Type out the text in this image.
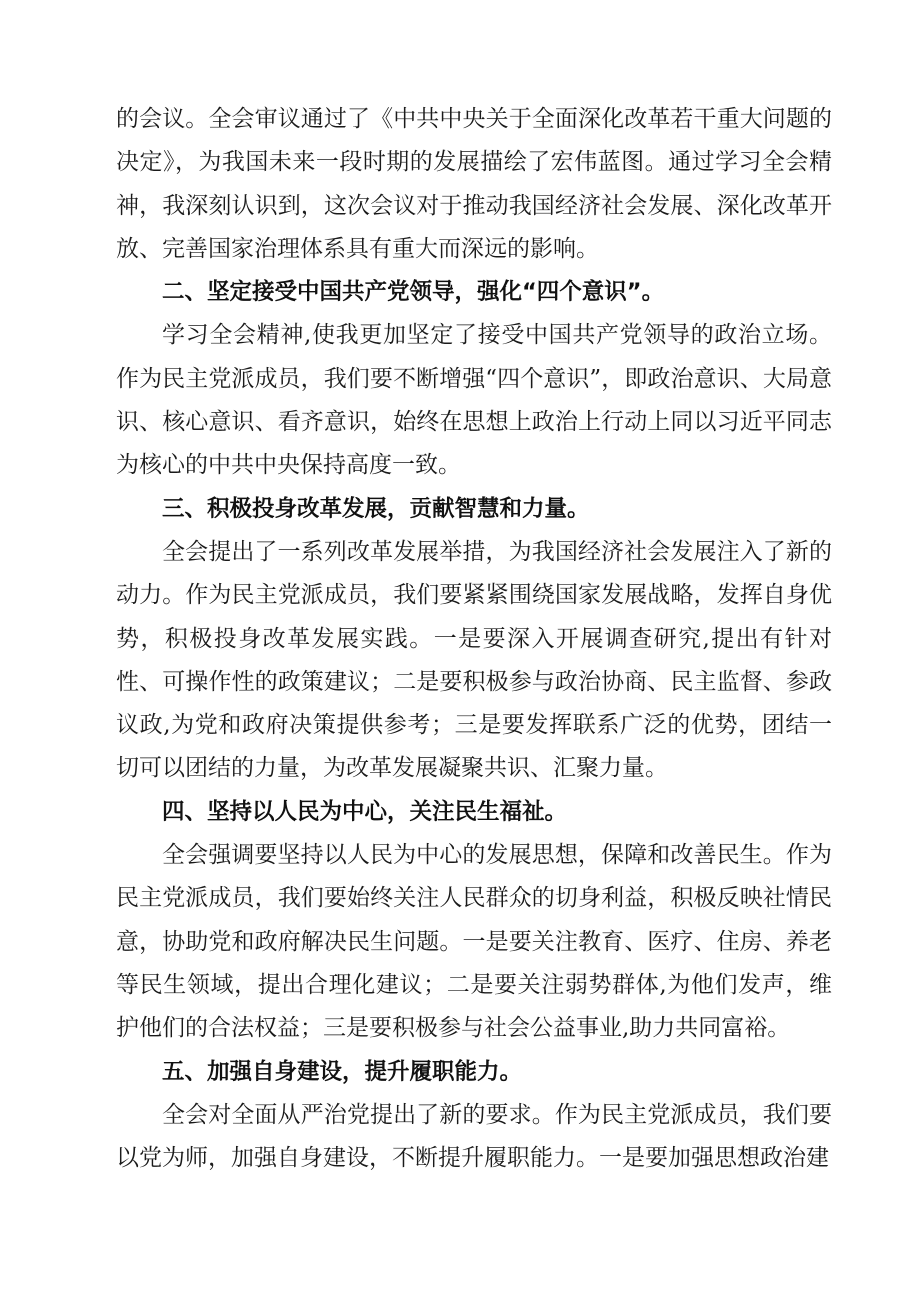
的会议。全会审议通过了《中共中央关于全面深化改革若干重大问题的决定》，为我国未来一段时期的发展描绘了宏伟蓝图。通过学习全会精神，我深刻认识到，这次会议对于推动我国经济社会发展、深化改革开放、完善国家治理体系具有重大而深远的影响。

二、坚定接受中国共产党领导，强化“四个意识”。

学习全会精神,使我更加坚定了接受中国共产党领导的政治立场。作为民主党派成员，我们要不断增强“四个意识”，即政治意识、大局意识、核心意识、看齐意识，始终在思想上政治上行动上同以习近平同志为核心的中共中央保持高度一致。

三、积极投身改革发展，贡献智慧和力量。

全会提出了一系列改革发展举措，为我国经济社会发展注入了新的动力。作为民主党派成员，我们要紧紧围绕国家发展战略，发挥自身优势，积极投身改革发展实践。一是要深入开展调查研究,提出有针对性、可操作性的政策建议；二是要积极参与政治协商、民主监督、参政议政,为党和政府决策提供参考；三是要发挥联系广泛的优势，团结一切可以团结的力量，为改革发展凝聚共识、汇聚力量。

四、坚持以人民为中心，关注民生福祉。

全会强调要坚持以人民为中心的发展思想，保障和改善民生。作为民主党派成员，我们要始终关注人民群众的切身利益，积极反映社情民意，协助党和政府解决民生问题。一是要关注教育、医疗、住房、养老等民生领域，提出合理化建议；二是要关注弱势群体,为他们发声，维护他们的合法权益；三是要积极参与社会公益事业,助力共同富裕。

五、加强自身建设，提升履职能力。

全会对全面从严治党提出了新的要求。作为民主党派成员，我们要以党为师，加强自身建设，不断提升履职能力。一是要加强思想政治建
